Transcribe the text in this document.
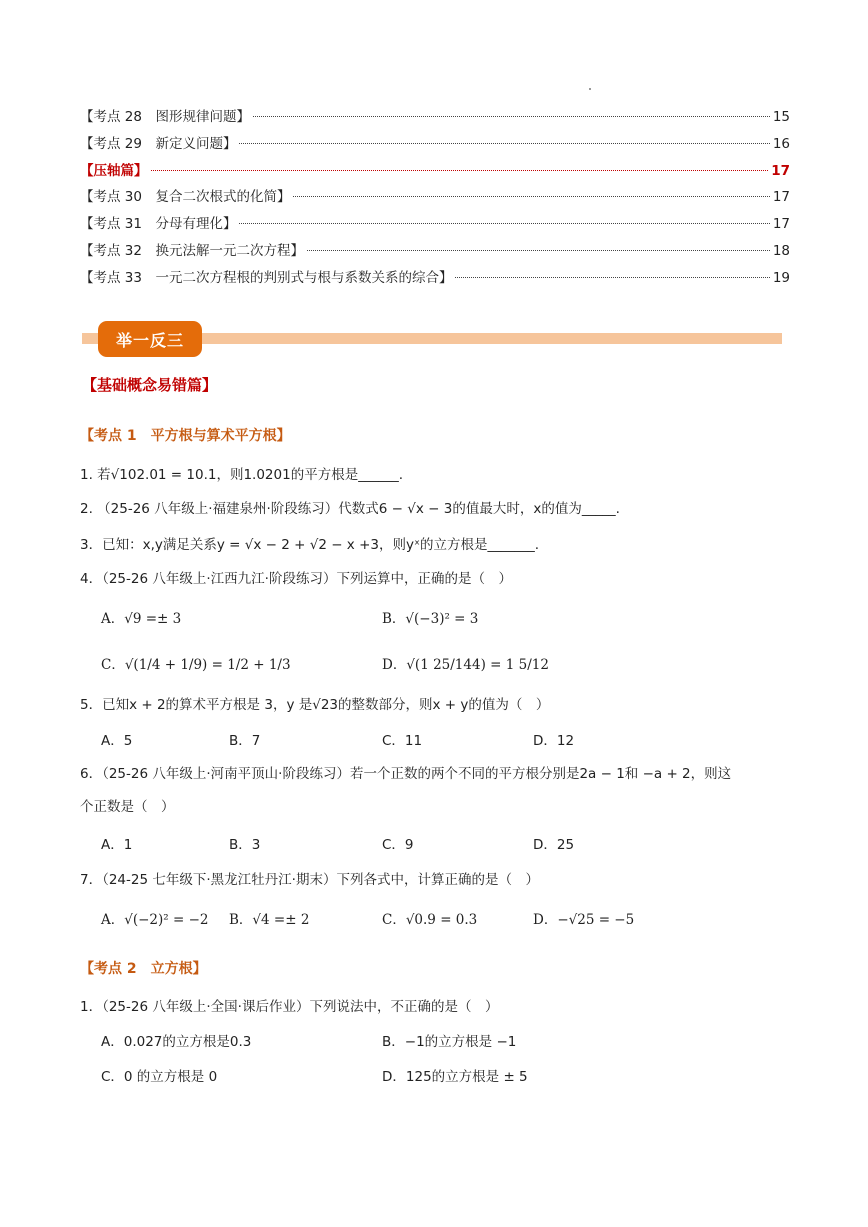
【考点 28　图形规律问题】	15
【考点 29　新定义问题】	16
【压轴篇】	17
【考点 30　复合二次根式的化简】	17
【考点 31　分母有理化】	17
【考点 32　换元法解一元二次方程】	18
【考点 33　一元二次方程根的判别式与根与系数关系的综合】	19
举一反三
【基础概念易错篇】
【考点 1　平方根与算术平方根】
1. 若√102.01 = 10.1，则1.0201的平方根是______.
2. （25-26 八年级上·福建泉州·阶段练习）代数式6 − √x − 3的值最大时，x的值为_____.
3．已知：x,y满足关系y = √x − 2 + √2 − x +3，则yˣ的立方根是_______.
4．（25-26 八年级上·江西九江·阶段练习）下列运算中，正确的是（　）
A．√9 =± 3	B．√(−3)² = 3
C．√(1/4 + 1/9) = 1/2 + 1/3	D．√(1 25/144) = 1 5/12
5．已知x + 2的算术平方根是 3，y 是√23的整数部分，则x + y的值为（　）
A．5	B．7	C．11	D．12
6．（25-26 八年级上·河南平顶山·阶段练习）若一个正数的两个不同的平方根分别是2a − 1和 −a + 2，则这
个正数是（　）
A．1	B．3	C．9	D．25
7．（24-25 七年级下·黑龙江牡丹江·期末）下列各式中，计算正确的是（　）
A．√(−2)² = −2 B．√4 =± 2	C．√0.9 = 0.3	D．−√25 = −5
【考点 2　立方根】
1．（25-26 八年级上·全国·课后作业）下列说法中，不正确的是（　）
A．0.027的立方根是0.3	B．−1的立方根是 −1
C．0 的立方根是 0	D．125的立方根是 ± 5
